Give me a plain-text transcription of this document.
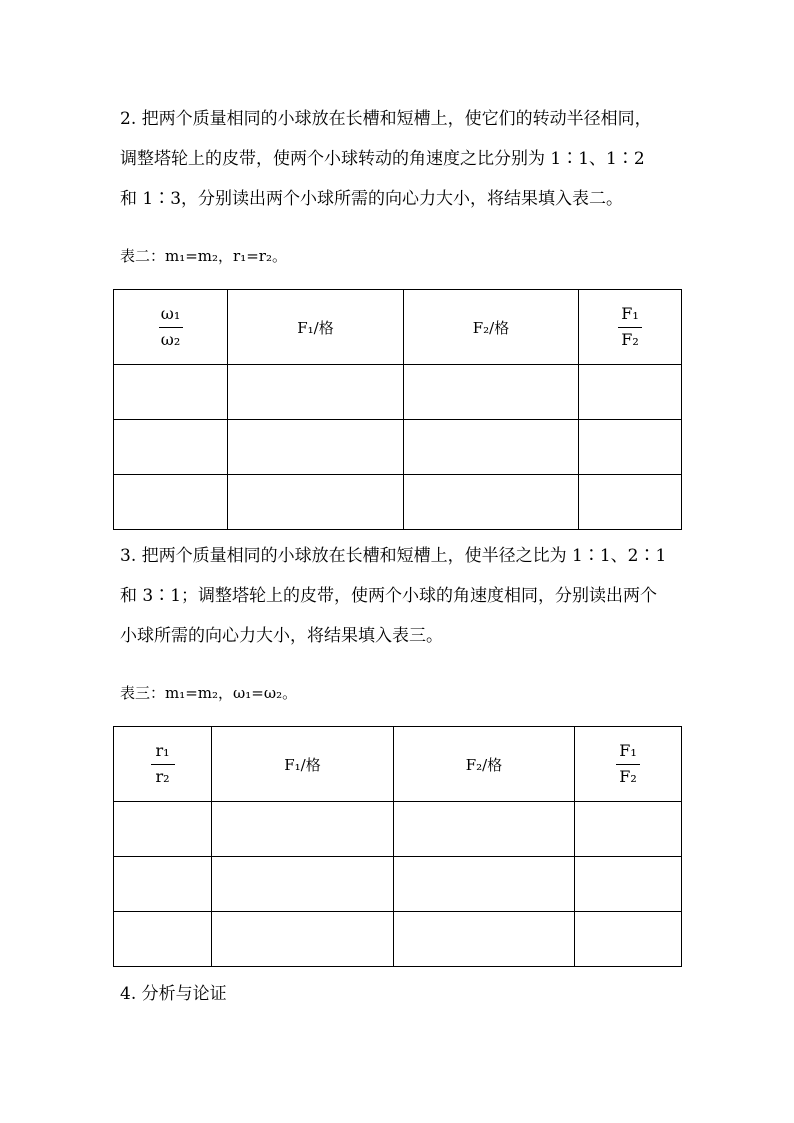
2. 把两个质量相同的小球放在长槽和短槽上，使它们的转动半径相同，

调整塔轮上的皮带，使两个小球转动的角速度之比分别为 1∶1、1∶2

和 1∶3，分别读出两个小球所需的向心力大小，将结果填入表二。

表二：m₁=m₂，r₁=r₂。

$\frac{\text{ω₁}}{\text{ω₂}}$	F₁/格	F₂/格	$\frac{\text{F₁}}{\text{F₂}}$

3. 把两个质量相同的小球放在长槽和短槽上，使半径之比为 1∶1、2∶1

和 3∶1；调整塔轮上的皮带，使两个小球的角速度相同，分别读出两个

小球所需的向心力大小，将结果填入表三。

表三：m₁=m₂，ω₁=ω₂。

$\frac{\text{r₁}}{\text{r₂}}$	F₁/格	F₂/格	$\frac{\text{F₁}}{\text{F₂}}$

4. 分析与论证
